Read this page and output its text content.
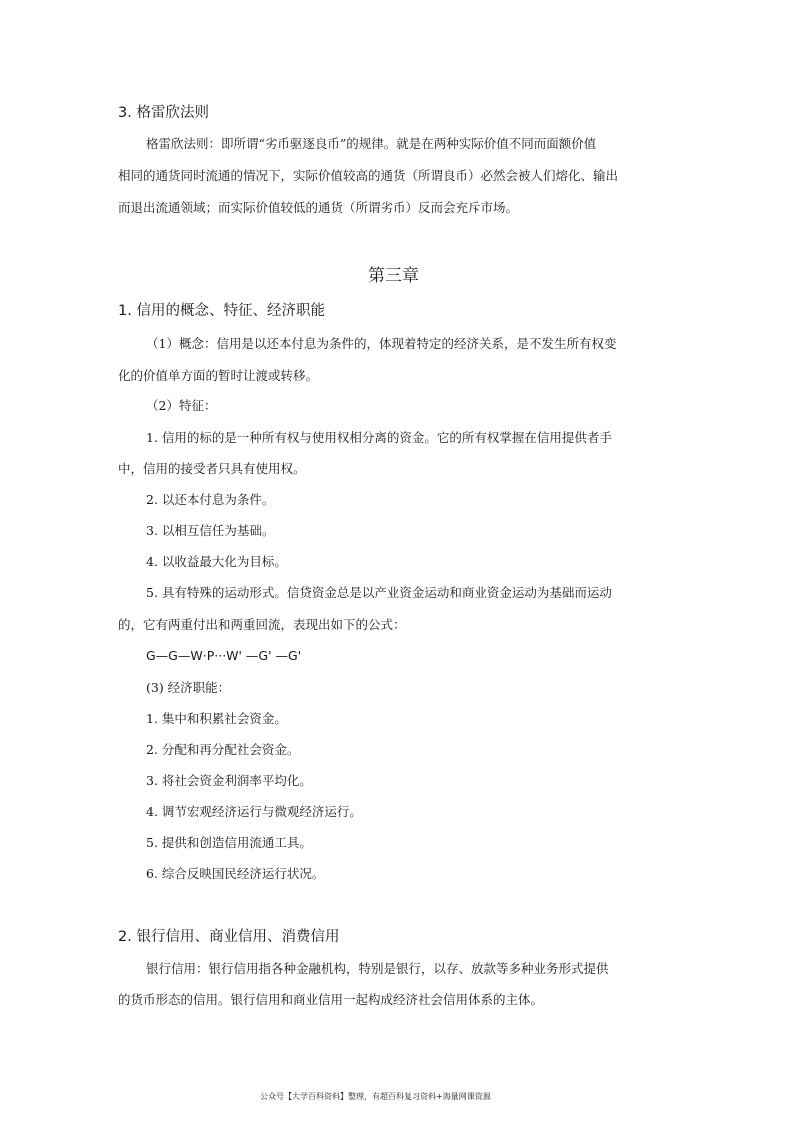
3. 格雷欣法则
格雷欣法则：即所谓“劣币驱逐良币”的规律。就是在两种实际价值不同而面额价值
相同的通货同时流通的情况下，实际价值较高的通货（所谓良币）必然会被人们熔化、输出
而退出流通领域；而实际价值较低的通货（所谓劣币）反而会充斥市场。
第三章
1. 信用的概念、特征、经济职能
（1）概念：信用是以还本付息为条件的，体现着特定的经济关系，是不发生所有权变
化的价值单方面的暂时让渡或转移。
（2）特征：
1. 信用的标的是一种所有权与使用权相分离的资金。它的所有权掌握在信用提供者手
中，信用的接受者只具有使用权。
2. 以还本付息为条件。
3. 以相互信任为基础。
4. 以收益最大化为目标。
5. 具有特殊的运动形式。信贷资金总是以产业资金运动和商业资金运动为基础而运动
的，它有两重付出和两重回流，表现出如下的公式：
G—G—W·P···W' —G' —G'
(3) 经济职能：
1. 集中和积累社会资金。
2. 分配和再分配社会资金。
3. 将社会资金利润率平均化。
4. 调节宏观经济运行与微观经济运行。
5. 提供和创造信用流通工具。
6. 综合反映国民经济运行状况。
2. 银行信用、商业信用、消费信用
银行信用：银行信用指各种金融机构，特别是银行，以存、放款等多种业务形式提供
的货币形态的信用。银行信用和商业信用一起构成经济社会信用体系的主体。
公众号【大学百科资料】整理，有超百科复习资料+海量网课资源
